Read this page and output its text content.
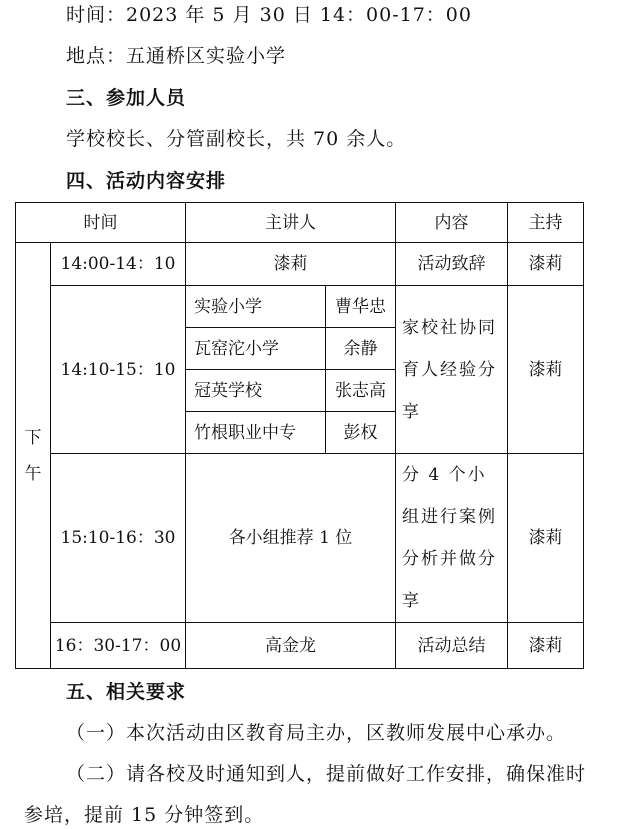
时间：2023 年 5 月 30 日 14：00-17：00
地点：五通桥区实验小学
三、参加人员
学校校长、分管副校长，共 70 余人。
四、活动内容安排
时间		主讲人		内容	主持
下
午	14:00-14：10	漆莉		活动致辞	漆莉
	14:10-15：10	实验小学	曹华忠	家校社协同育人经验分享	漆莉
		瓦窑沱小学	余静		
		冠英学校	张志高		
		竹根职业中专	彭权		
	15:10-16：30	各小组推荐 1 位		分 4 个小组进行案例分析并做分享	漆莉
	16：30-17：00	高金龙		活动总结	漆莉
五、相关要求
（一）本次活动由区教育局主办，区教师发展中心承办。
（二）请各校及时通知到人，提前做好工作安排，确保准时
参培，提前 15 分钟签到。
